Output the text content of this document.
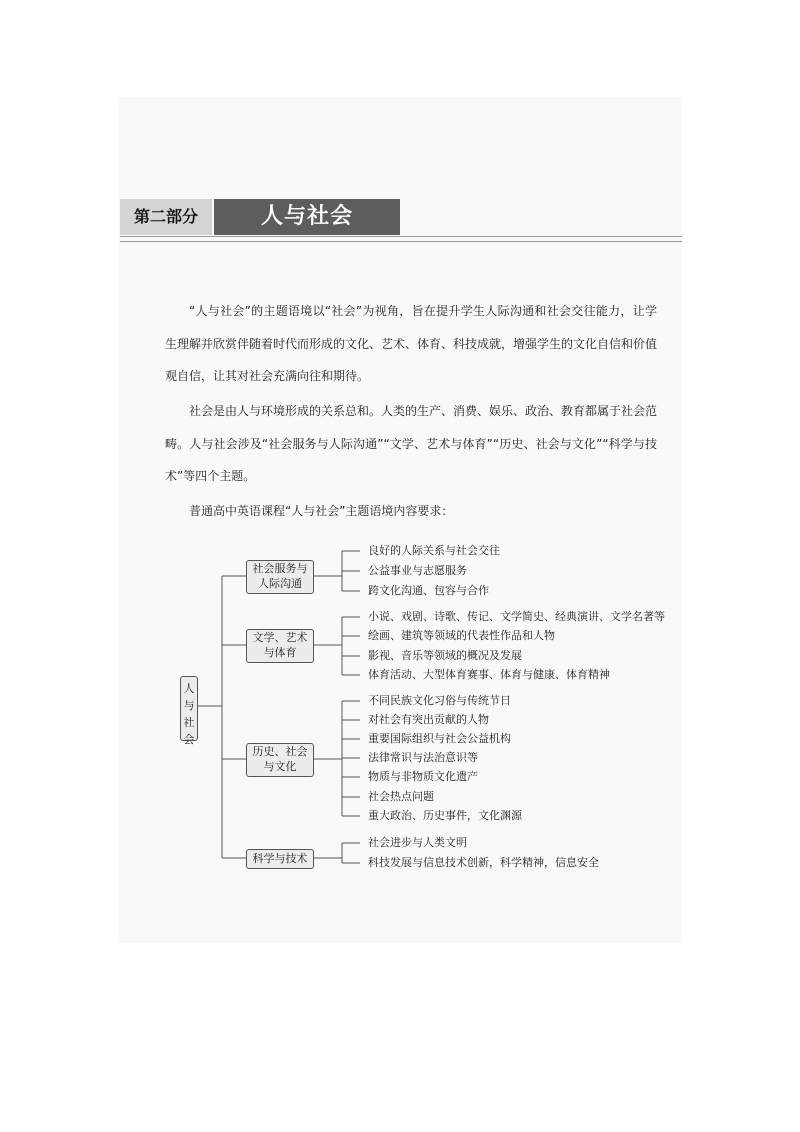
第二部分	人与社会

“人与社会”的主题语境以“社会”为视角，旨在提升学生人际沟通和社会交往能力，让学生理解并欣赏伴随着时代而形成的文化、艺术、体育、科技成就，增强学生的文化自信和价值观自信，让其对社会充满向往和期待。

社会是由人与环境形成的关系总和。人类的生产、消费、娱乐、政治、教育都属于社会范畴。人与社会涉及“社会服务与人际沟通”“文学、艺术与体育”“历史、社会与文化”“科学与技术”等四个主题。

普通高中英语课程“人与社会”主题语境内容要求：

人与社会
社会服务与
人际沟通
文学、艺术
与体育
历史、社会
与文化
科学与技术
良好的人际关系与社会交往
公益事业与志愿服务
跨文化沟通、包容与合作
小说、戏剧、诗歌、传记、文学简史、经典演讲、文学名著等
绘画、建筑等领域的代表性作品和人物
影视、音乐等领域的概况及发展
体育活动、大型体育赛事、体育与健康、体育精神
不同民族文化习俗与传统节日
对社会有突出贡献的人物
重要国际组织与社会公益机构
法律常识与法治意识等
物质与非物质文化遗产
社会热点问题
重大政治、历史事件，文化渊源
社会进步与人类文明
科技发展与信息技术创新，科学精神，信息安全
